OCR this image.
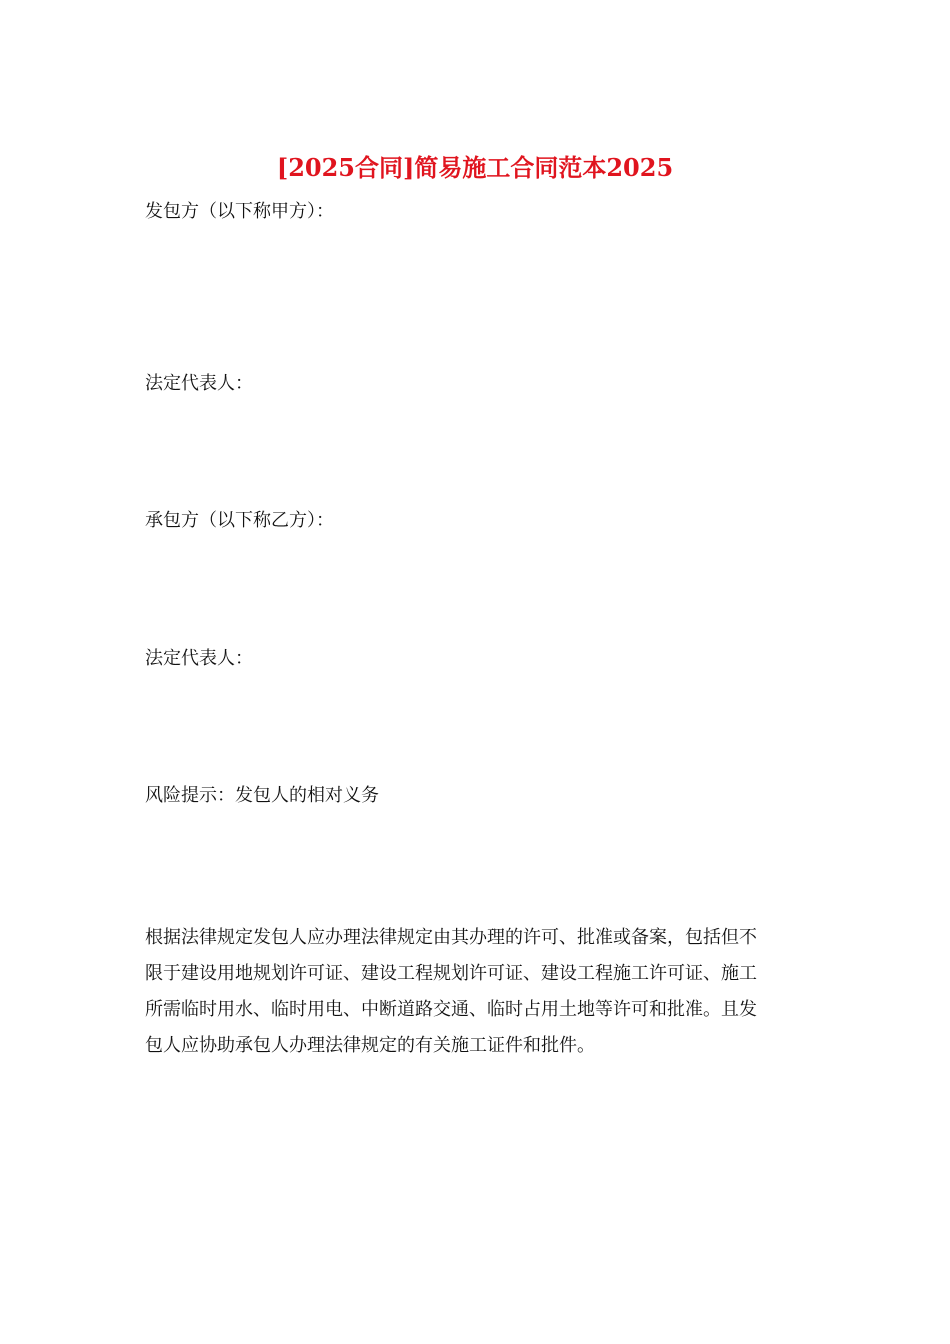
[2025合同]简易施工合同范本2025

发包方（以下称甲方）：

法定代表人：

承包方（以下称乙方）：

法定代表人：

风险提示：发包人的相对义务

根据法律规定发包人应办理法律规定由其办理的许可、批准或备案，包括但不
限于建设用地规划许可证、建设工程规划许可证、建设工程施工许可证、施工
所需临时用水、临时用电、中断道路交通、临时占用土地等许可和批准。且发
包人应协助承包人办理法律规定的有关施工证件和批件。
